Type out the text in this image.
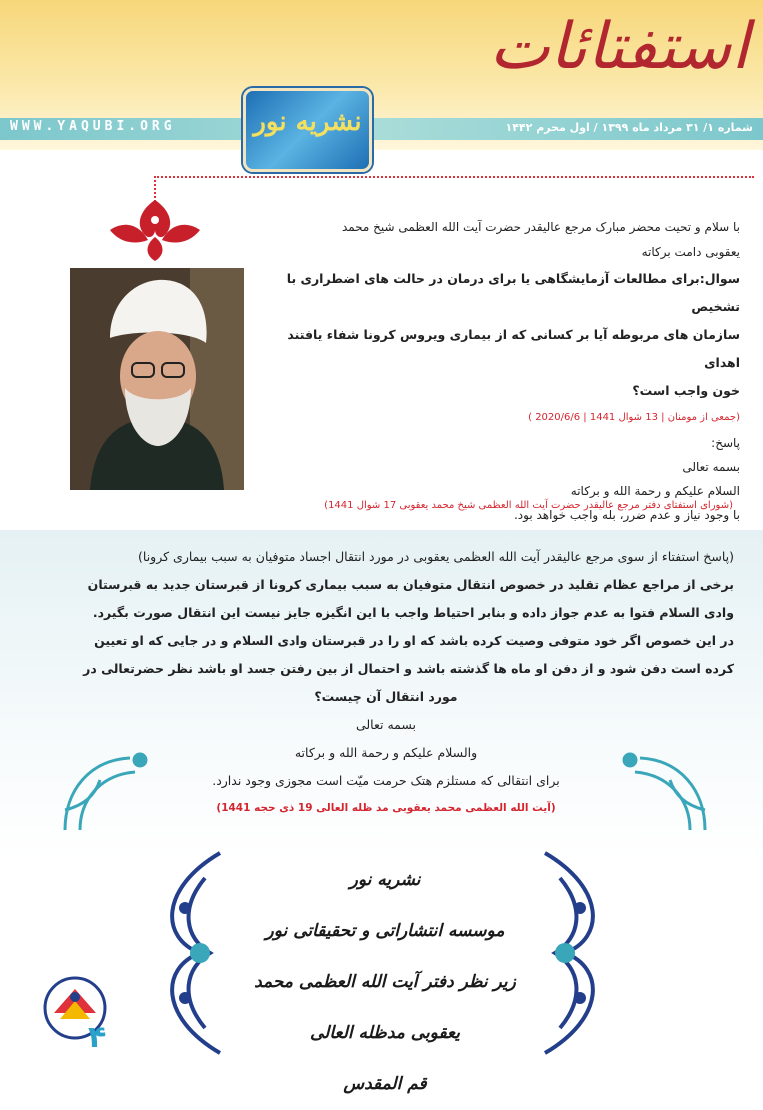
استفتائات
WWW.YAQUBI.ORG	شماره ۱/ ۳۱ مرداد ماه ۱۳۹۹ / اول محرم ۱۴۴۲
نشریه نور

با سلام و تحیت محضر مبارک مرجع عالیقدر حضرت آیت الله العظمی شیخ محمد

یعقوبی دامت برکاته

سوال:برای مطالعات آزمایشگاهی یا برای درمان در حالت های اضطراری با تشخیص

سازمان های مربوطه آیا بر کسانی که از بیماری ویروس کرونا شفاء یافتند اهدای

خون واجب است؟

(جمعی از مومنان | 13 شوال 1441 | 2020/6/6 )

پاسخ:

بسمه تعالی

السلام علیکم و رحمة الله و برکاته

با وجود نیاز و عدم ضرر، بله واجب خواهد بود.

(شورای استفتای دفتر مرجع عالیقدر حضرت آیت الله العظمی شیخ محمد یعقوبی 17 شوال 1441)

(پاسخ استفتاء از سوی مرجع عالیقدر آیت الله العظمی یعقوبی در مورد انتقال اجساد متوفیان به سبب بیماری کرونا)

برخی از مراجع عظام تقلید در خصوص انتقال متوفیان به سبب بیماری کرونا از قبرستان جدید به قبرستان

وادی السلام فتوا به عدم جواز داده و بنابر احتیاط واجب با این انگیزه جایز نیست این انتقال صورت بگیرد.

در این خصوص اگر خود متوفی وصیت کرده باشد که او را در قبرستان وادی السلام و در جایی که او تعیین

کرده است دفن شود و از دفن او ماه ها گذشته باشد و احتمال از بین رفتن جسد او باشد نظر حضرتعالی در

مورد انتقال آن چیست؟

بسمه تعالی

والسلام علیکم و رحمة الله و برکاته

برای انتقالی که مستلزم هتک حرمت میّت است مجوزی وجود ندارد.

(آیت الله العظمی محمد یعقوبی مد ظله العالی 19 ذی حجه 1441)

نشریه نور
موسسه انتشاراتی و تحقیقاتی نور
زیر نظر دفتر آیت الله العظمی محمد یعقوبی مدظله العالی
قم المقدس
۴
